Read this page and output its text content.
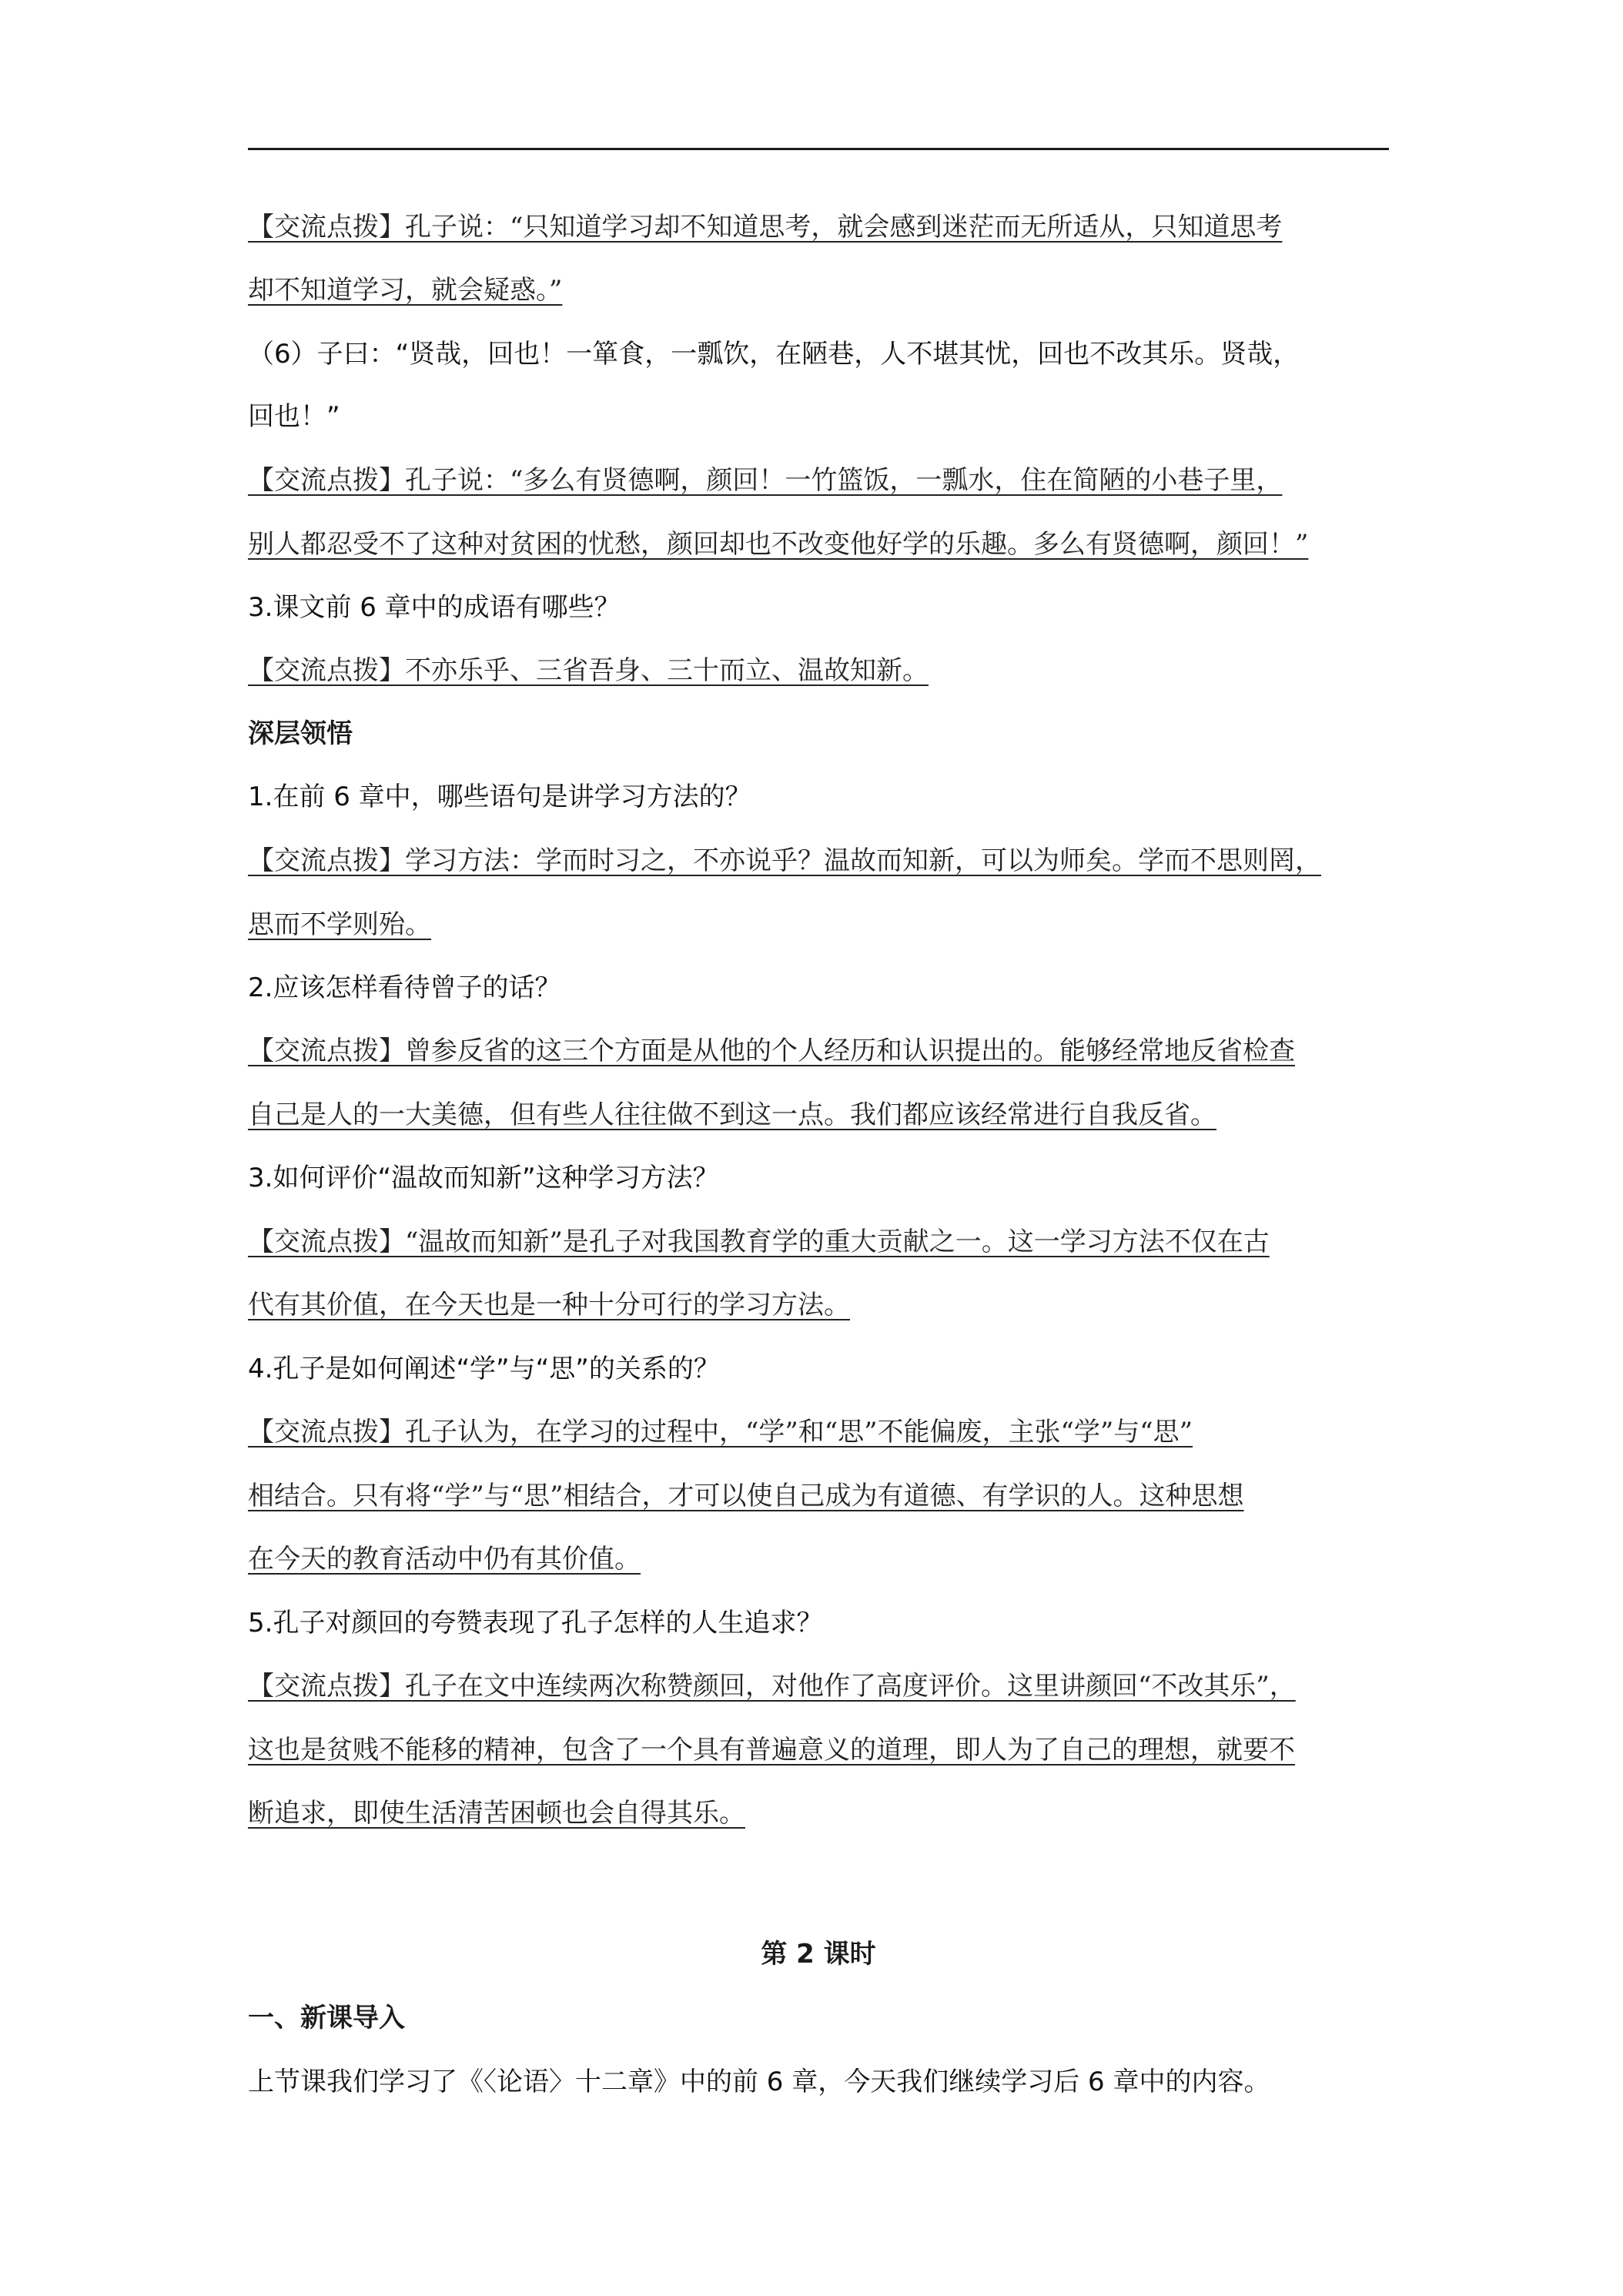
【交流点拨】孔子说：“只知道学习却不知道思考，就会感到迷茫而无所适从，只知道思考
却不知道学习，就会疑惑。”
（6）子曰：“贤哉，回也！一箪食，一瓢饮，在陋巷，人不堪其忧，回也不改其乐。贤哉，
回也！”
【交流点拨】孔子说：“多么有贤德啊，颜回！一竹篮饭，一瓢水，住在简陋的小巷子里，
别人都忍受不了这种对贫困的忧愁，颜回却也不改变他好学的乐趣。多么有贤德啊，颜回！”
3.课文前 6 章中的成语有哪些？
【交流点拨】不亦乐乎、三省吾身、三十而立、温故知新。
深层领悟
1.在前 6 章中，哪些语句是讲学习方法的？
【交流点拨】学习方法：学而时习之，不亦说乎？温故而知新，可以为师矣。学而不思则罔，
思而不学则殆。
2.应该怎样看待曾子的话？
【交流点拨】曾参反省的这三个方面是从他的个人经历和认识提出的。能够经常地反省检查
自己是人的一大美德，但有些人往往做不到这一点。我们都应该经常进行自我反省。
3.如何评价“温故而知新”这种学习方法？
【交流点拨】“温故而知新”是孔子对我国教育学的重大贡献之一。这一学习方法不仅在古
代有其价值，在今天也是一种十分可行的学习方法。
4.孔子是如何阐述“学”与“思”的关系的？
【交流点拨】孔子认为，在学习的过程中，“学”和“思”不能偏废，主张“学”与“思”
相结合。只有将“学”与“思”相结合，才可以使自己成为有道德、有学识的人。这种思想
在今天的教育活动中仍有其价值。
5.孔子对颜回的夸赞表现了孔子怎样的人生追求？
【交流点拨】孔子在文中连续两次称赞颜回，对他作了高度评价。这里讲颜回“不改其乐”，
这也是贫贱不能移的精神，包含了一个具有普遍意义的道理，即人为了自己的理想，就要不
断追求，即使生活清苦困顿也会自得其乐。
第 2 课时
一、新课导入
上节课我们学习了《〈论语〉十二章》中的前 6 章，今天我们继续学习后 6 章中的内容。
